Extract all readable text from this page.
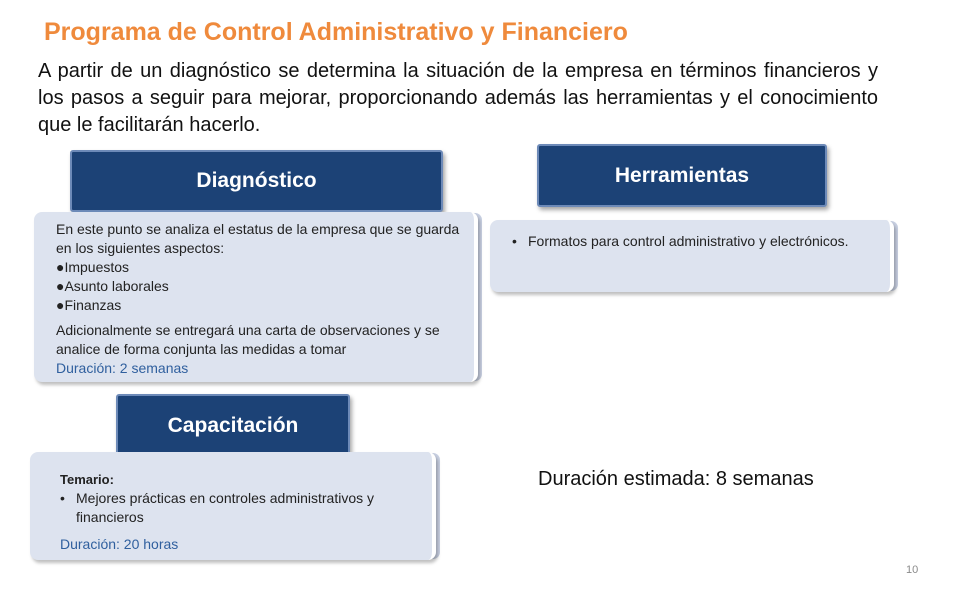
Programa de Control Administrativo y Financiero
A partir de un diagnóstico se determina la situación de la empresa en términos financieros y los pasos a seguir para mejorar, proporcionando además las herramientas y el conocimiento que le facilitarán hacerlo.
Diagnóstico

En este punto se analiza el estatus de la empresa que se guarda en los siguientes aspectos:

●Impuestos
●Asunto laborales
●Finanzas

Adicionalmente se entregará una carta de observaciones y se analice de forma conjunta las medidas a tomar

Duración: 2 semanas

Herramientas
• Formatos para control administrativo y electrónicos.
Capacitación

Temario:

• Mejores prácticas en controles administrativos y financieros

Duración: 20 horas

Duración estimada: 8 semanas
10
